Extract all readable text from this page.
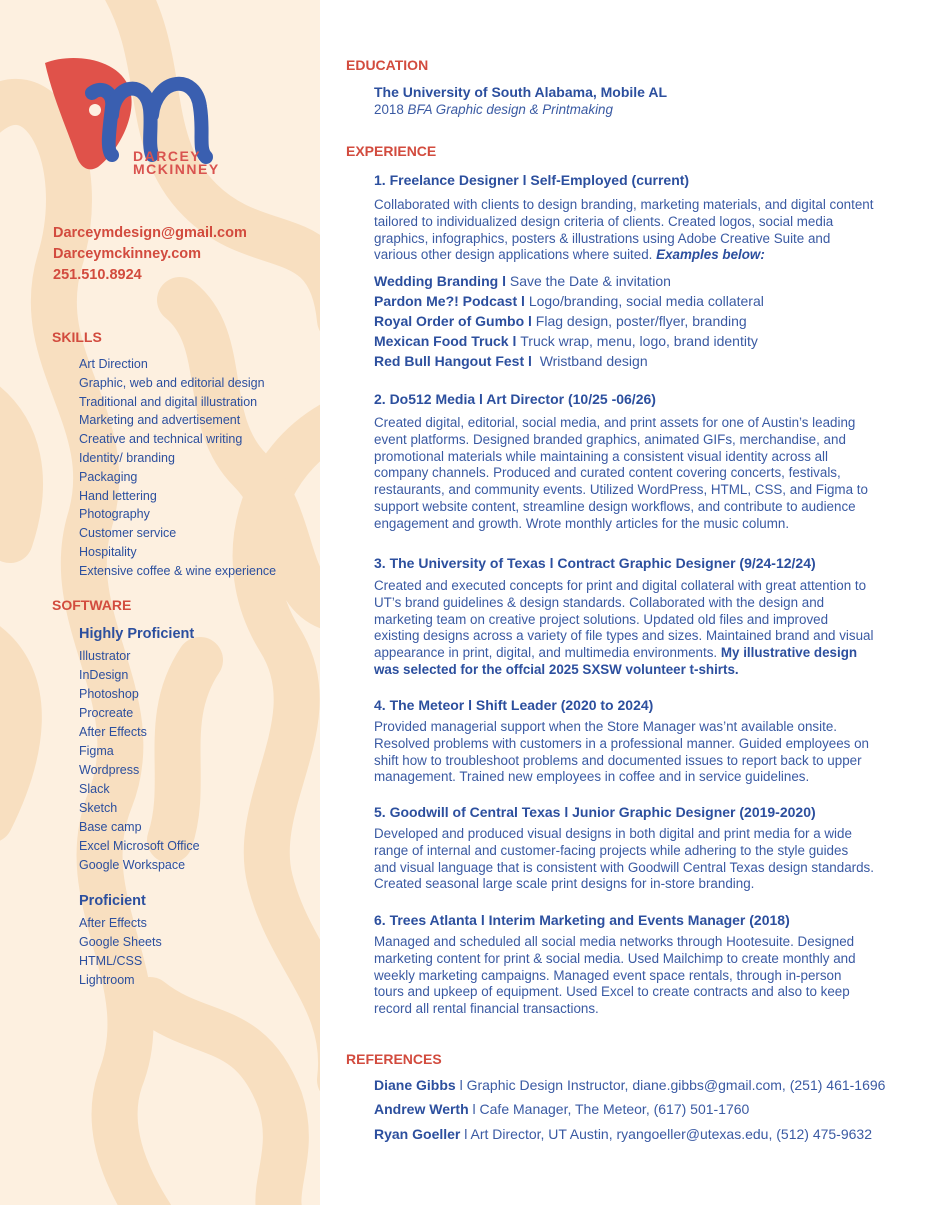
DARCEY
MCKINNEY
Darceymdesign@gmail.com
Darceymckinney.com
251.510.8924
SKILLS
Art Direction
Graphic, web and editorial design
Traditional and digital illustration
Marketing and advertisement
Creative and technical writing
Identity/ branding
Packaging
Hand lettering
Photography
Customer service
Hospitality
Extensive coffee & wine experience
SOFTWARE
Highly Proficient
Illustrator
InDesign
Photoshop
Procreate
After Effects
Figma
Wordpress
Slack
Sketch
Base camp
Excel Microsoft Office
Google Workspace
Proficient
After Effects
Google Sheets
HTML/CSS
Lightroom
EDUCATION
The University of South Alabama, Mobile AL
2018 BFA Graphic design & Printmaking
EXPERIENCE
1. Freelance Designer l Self-Employed (current)
Collaborated with clients to design branding, marketing materials, and digital content tailored to individualized design criteria of clients. Created logos, social media graphics, infographics, posters & illustrations using Adobe Creative Suite and various other design applications where suited. Examples below:
Wedding Branding l Save the Date & invitation
Pardon Me?! Podcast l Logo/branding, social media collateral
Royal Order of Gumbo l Flag design, poster/flyer, branding
Mexican Food Truck l Truck wrap, menu, logo, brand identity
Red Bull Hangout Fest l  Wristband design
2. Do512 Media l Art Director (10/25 -06/26)
Created digital, editorial, social media, and print assets for one of Austin’s leading event platforms. Designed branded graphics, animated GIFs, merchandise, and promotional materials while maintaining a consistent visual identity across all company channels. Produced and curated content covering concerts, festivals, restaurants, and community events. Utilized WordPress, HTML, CSS, and Figma to support website content, streamline design workflows, and contribute to audience engagement and growth. Wrote monthly articles for the music column.
3. The University of Texas l Contract Graphic Designer (9/24-12/24)
Created and executed concepts for print and digital collateral with great attention to UT’s brand guidelines & design standards. Collaborated with the design and marketing team on creative project solutions. Updated old files and improved existing designs across a variety of file types and sizes. Maintained brand and visual appearance in print, digital, and multimedia environments. My illustrative design was selected for the offcial 2025 SXSW volunteer t-shirts.
4. The Meteor l Shift Leader (2020 to 2024)
Provided managerial support when the Store Manager was’nt available onsite. Resolved problems with customers in a professional manner. Guided employees on shift how to troubleshoot problems and documented issues to report back to upper management. Trained new employees in coffee and in service guidelines.
5. Goodwill of Central Texas l Junior Graphic Designer (2019-2020)
Developed and produced visual designs in both digital and print media for a wide range of internal and customer-facing projects while adhering to the style guides and visual language that is consistent with Goodwill Central Texas design standards. Created seasonal large scale print designs for in-store branding.
6. Trees Atlanta l Interim Marketing and Events Manager (2018)
Managed and scheduled all social media networks through Hootesuite. Designed marketing content for print & social media. Used Mailchimp to create monthly and weekly marketing campaigns. Managed event space rentals, through in-person tours and upkeep of equipment. Used Excel to create contracts and also to keep record all rental financial transactions.
REFERENCES
Diane Gibbs l Graphic Design Instructor, diane.gibbs@gmail.com, (251) 461-1696
Andrew Werth l Cafe Manager, The Meteor, (617) 501-1760
Ryan Goeller l Art Director, UT Austin, ryangoeller@utexas.edu, (512) 475-9632
